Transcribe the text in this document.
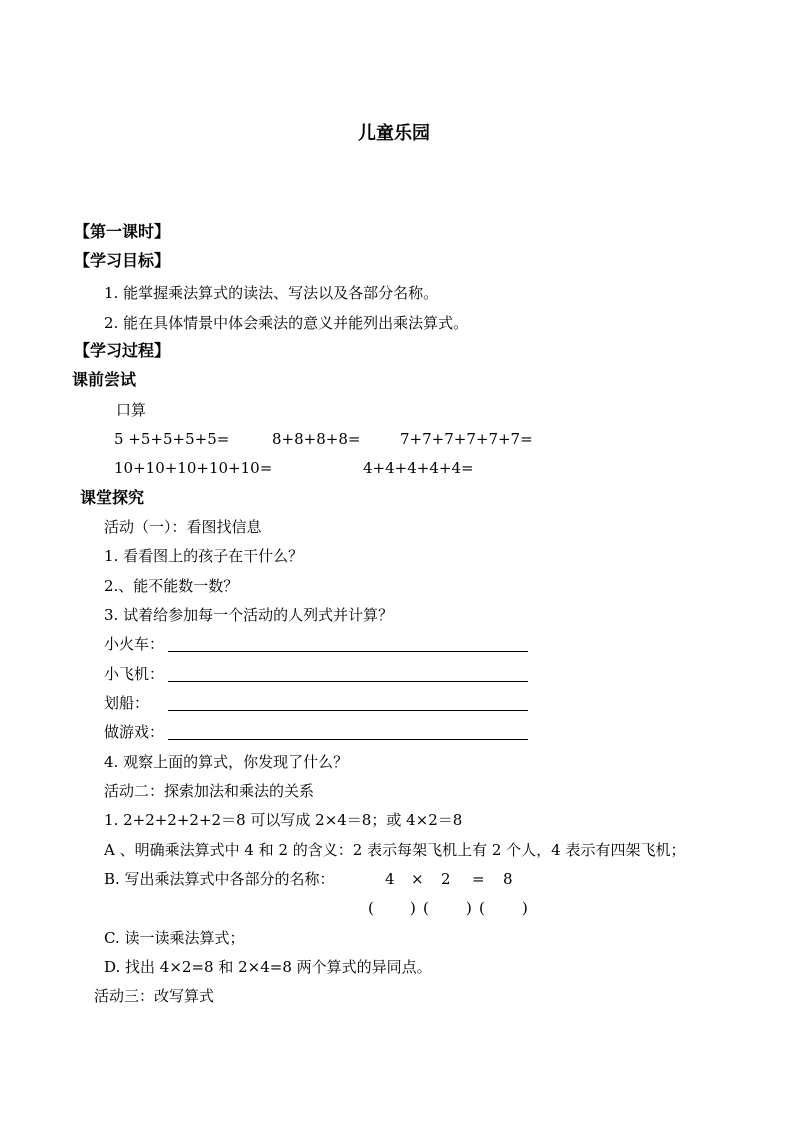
儿童乐园
【第一课时】
【学习目标】
1. 能掌握乘法算式的读法、写法以及各部分名称。
2. 能在具体情景中体会乘法的意义并能列出乘法算式。
【学习过程】
课前尝试
口算
5 +5+5+5+5=	8+8+8+8=	7+7+7+7+7+7=
10+10+10+10+10=	4+4+4+4+4=
课堂探究
活动（一）：看图找信息
1. 看看图上的孩子在干什么？
2.、能不能数一数？
3. 试着给参加每一个活动的人列式并计算？
小火车：
小飞机：
划船：
做游戏：
4. 观察上面的算式，你发现了什么？
活动二：探索加法和乘法的关系
1. 2+2+2+2+2＝8 可以写成 2×4＝8；或 4×2＝8
A 、明确乘法算式中 4 和 2 的含义：2 表示每架飞机上有 2 个人，4 表示有四架飞机；
B. 写出乘法算式中各部分的名称：	4 × 2 = 8
( ) ( ) ( )
C. 读一读乘法算式；
D. 找出 4×2=8 和 2×4=8 两个算式的异同点。
活动三：改写算式
